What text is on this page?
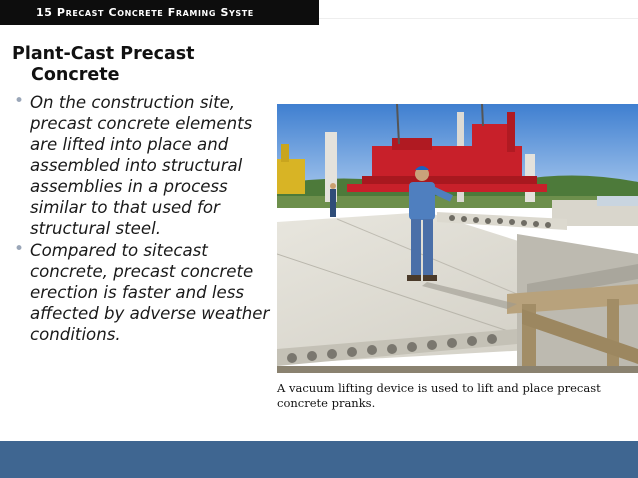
15 Precast Concrete Framing Syste
Plant-Cast Precast
Concrete
• On the construction site, precast concrete elements are lifted into place and assembled into structural assemblies in a process similar to that used for structural steel.
• Compared to sitecast concrete, precast concrete erection is faster and less affected by adverse weather conditions.
A vacuum lifting device is used to lift and place precast concrete pranks.
